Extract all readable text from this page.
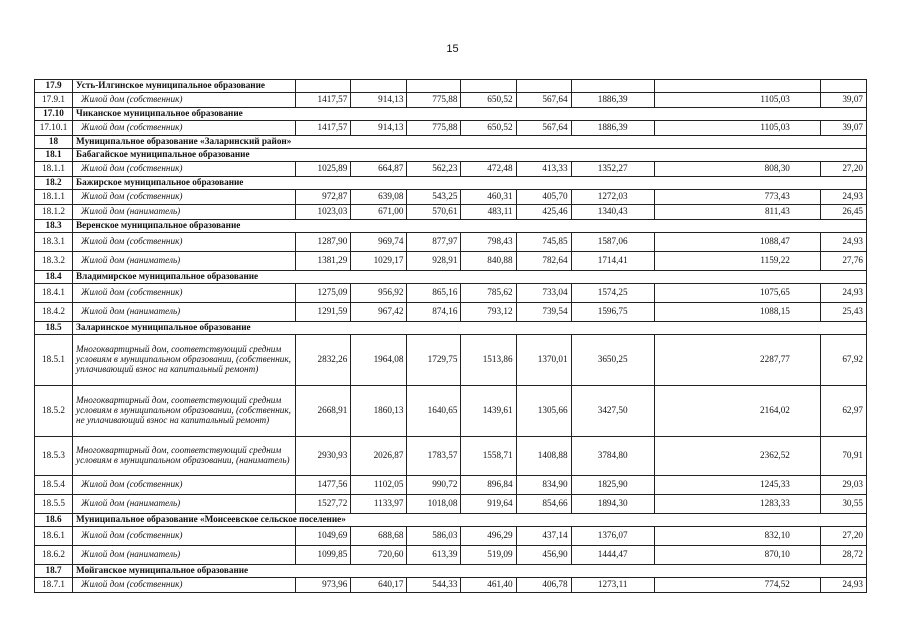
15
17.9	Усть-Илгинское муниципальное образование								
17.9.1	Жилой дом (собственник)	1417,57	914,13	775,88	650,52	567,64	1886,39	1105,03	39,07
17.10	Чиканское муниципальное образование								
17.10.1	Жилой дом (собственник)	1417,57	914,13	775,88	650,52	567,64	1886,39	1105,03	39,07
18	Муниципальное образование «Заларинский район»								
18.1	Бабагайское муниципальное образование								
18.1.1	Жилой дом (собственник)	1025,89	664,87	562,23	472,48	413,33	1352,27	808,30	27,20
18.2	Бажирское муниципальное образование								
18.1.1	Жилой дом (собственник)	972,87	639,08	543,25	460,31	405,70	1272,03	773,43	24,93
18.1.2	Жилой дом (наниматель)	1023,03	671,00	570,61	483,11	425,46	1340,43	811,43	26,45
18.3	Веренское муниципальное образование								
18.3.1	Жилой дом (собственник)	1287,90	969,74	877,97	798,43	745,85	1587,06	1088,47	24,93
18.3.2	Жилой дом (наниматель)	1381,29	1029,17	928,91	840,88	782,64	1714,41	1159,22	27,76
18.4	Владимирское муниципальное образование								
18.4.1	Жилой дом (собственник)	1275,09	956,92	865,16	785,62	733,04	1574,25	1075,65	24,93
18.4.2	Жилой дом (наниматель)	1291,59	967,42	874,16	793,12	739,54	1596,75	1088,15	25,43
18.5	Заларинское муниципальное образование								
18.5.1	Многоквартирный дом, соответствующий средним условиям в муниципальном образовании, (собственник, уплачивающий взнос на капитальный ремонт)	2832,26	1964,08	1729,75	1513,86	1370,01	3650,25	2287,77	67,92
18.5.2	Многоквартирный дом, соответствующий средним условиям в муниципальном образовании, (собственник, не уплачивающий взнос на капитальный ремонт)	2668,91	1860,13	1640,65	1439,61	1305,66	3427,50	2164,02	62,97
18.5.3	Многоквартирный дом, соответствующий средним условиям в муниципальном образовании, (наниматель)	2930,93	2026,87	1783,57	1558,71	1408,88	3784,80	2362,52	70,91
18.5.4	Жилой дом (собственник)	1477,56	1102,05	990,72	896,84	834,90	1825,90	1245,33	29,03
18.5.5	Жилой дом (наниматель)	1527,72	1133,97	1018,08	919,64	854,66	1894,30	1283,33	30,55
18.6	Муниципальное образование «Моисеевское сельское поселение»								
18.6.1	Жилой дом (собственник)	1049,69	688,68	586,03	496,29	437,14	1376,07	832,10	27,20
18.6.2	Жилой дом (наниматель)	1099,85	720,60	613,39	519,09	456,90	1444,47	870,10	28,72
18.7	Мойганское муниципальное образование								
18.7.1	Жилой дом (собственник)	973,96	640,17	544,33	461,40	406,78	1273,11	774,52	24,93
